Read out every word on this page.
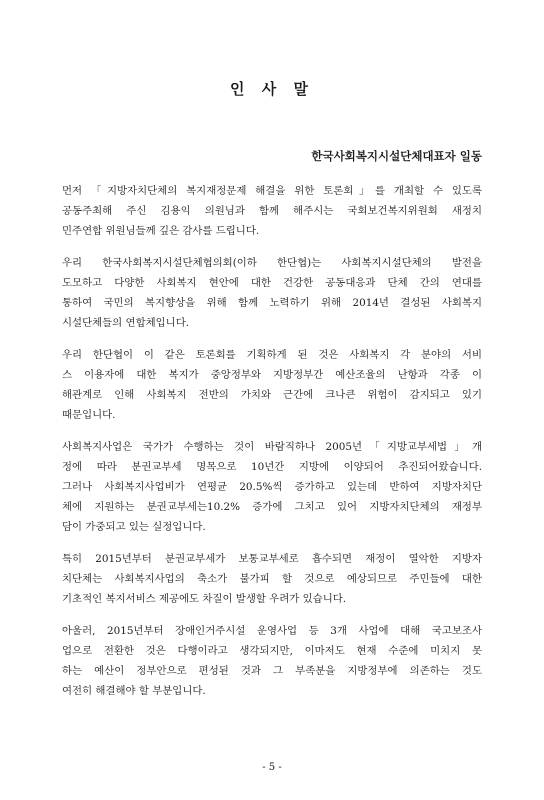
인 사 말
한국사회복지시설단체대표자 일동
먼저 「지방자치단체의 복지재정문제 해결을 위한 토론회」를 개최할 수 있도록
공동주최해 주신 김용익 의원님과 함께 해주시는 국회보건복지위원회 새정치
민주연합 위원님들께 깊은 감사를 드립니다.
우리 한국사회복지시설단체협의회(이하 한단협)는 사회복지시설단체의 발전을
도모하고 다양한 사회복지 현안에 대한 건강한 공동대응과 단체 간의 연대를
통하여 국민의 복지향상을 위해 함께 노력하기 위해 2014년 결성된 사회복지
시설단체들의 연합체입니다.
우리 한단협이 이 같은 토론회를 기획하게 된 것은 사회복지 각 분야의 서비
스 이용자에 대한 복지가 중앙정부와 지방정부간 예산조율의 난항과 각종 이
해관계로 인해 사회복지 전반의 가치와 근간에 크나큰 위험이 감지되고 있기
때문입니다.
사회복지사업은 국가가 수행하는 것이 바람직하나 2005년「지방교부세법」개
정에 따라 분권교부세 명목으로 10년간 지방에 이양되어 추진되어왔습니다.
그러나 사회복지사업비가 연평균 20.5%씩 증가하고 있는데 반하여 지방자치단
체에 지원하는 분권교부세는10.2% 증가에 그치고 있어 지방자치단체의 재정부
담이 가중되고 있는 실정입니다.
특히 2015년부터 분권교부세가 보통교부세로 흡수되면 재정이 열악한 지방자
치단체는 사회복지사업의 축소가 불가피 할 것으로 예상되므로 주민들에 대한
기초적인 복지서비스 제공에도 차질이 발생할 우려가 있습니다.
아울러, 2015년부터 장애인거주시설 운영사업 등 3개 사업에 대해 국고보조사
업으로 전환한 것은 다행이라고 생각되지만, 이마저도 현재 수준에 미치지 못
하는 예산이 정부안으로 편성된 것과 그 부족분을 지방정부에 의존하는 것도
여전히 해결해야 할 부분입니다.
- 5 -
